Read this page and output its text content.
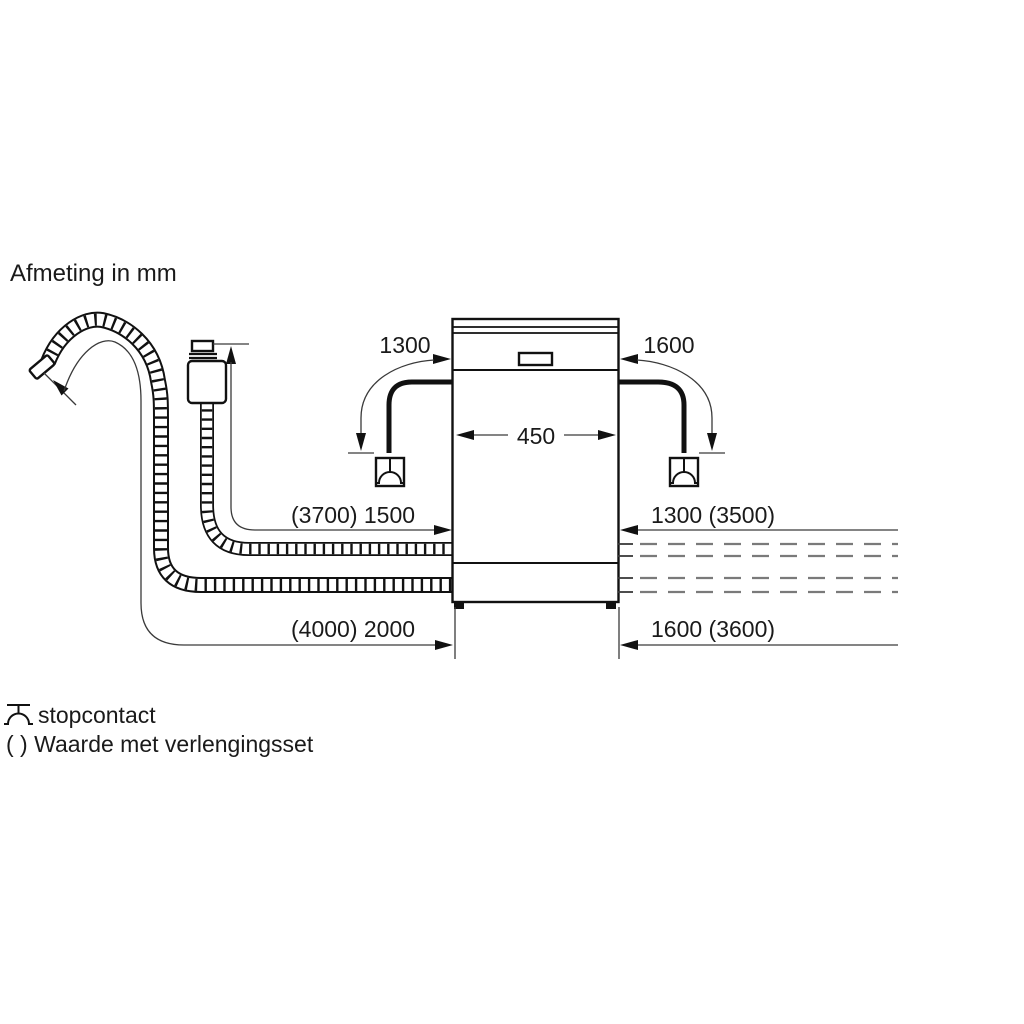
Afmeting in mm
(3700) 1500
(4000) 2000
450
1300	1600
1300 (3500)
1600 (3600)
stopcontact
( ) Waarde met verlengingsset
